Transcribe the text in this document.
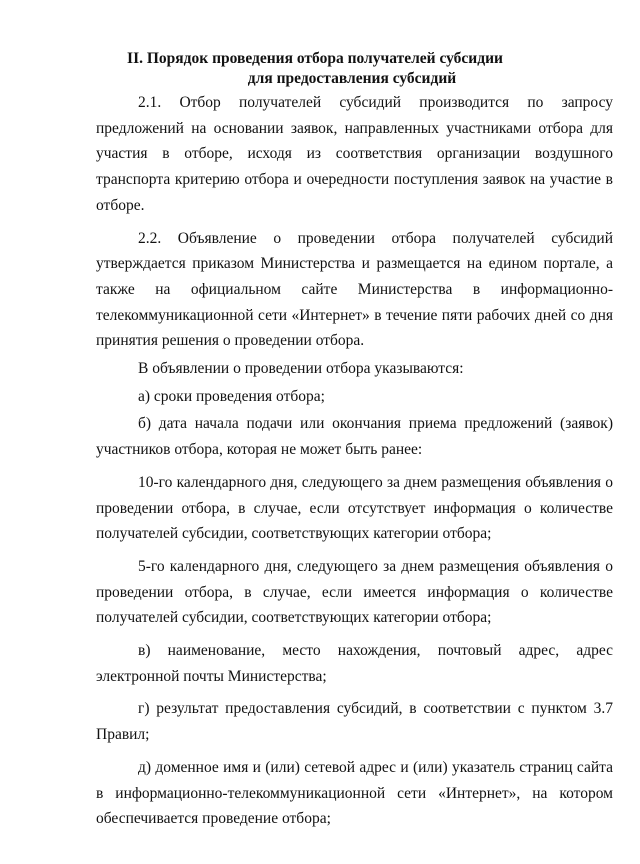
II. Порядок проведения отбора получателей субсидии
для предоставления субсидий

2.1. Отбор получателей субсидий производится по запросу предложений на основании заявок, направленных участниками отбора для участия в отборе, исходя из соответствия организации воздушного транспорта критерию отбора и очередности поступления заявок на участие в отборе.

2.2. Объявление о проведении отбора получателей субсидий утверждается приказом Министерства и размещается на едином портале, а также на официальном сайте Министерства в информационно-телекоммуникационной сети «Интернет» в течение пяти рабочих дней со дня принятия решения о проведении отбора.

В объявлении о проведении отбора указываются:

а) сроки проведения отбора;

б) дата начала подачи или окончания приема предложений (заявок) участников отбора, которая не может быть ранее:

10-го календарного дня, следующего за днем размещения объявления о проведении отбора, в случае, если отсутствует информация о количестве получателей субсидии, соответствующих категории отбора;

5-го календарного дня, следующего за днем размещения объявления о проведении отбора, в случае, если имеется информация о количестве получателей субсидии, соответствующих категории отбора;

в) наименование, место нахождения, почтовый адрес, адрес электронной почты Министерства;

г) результат предоставления субсидий, в соответствии с пунктом 3.7 Правил;

д) доменное имя и (или) сетевой адрес и (или) указатель страниц сайта в информационно-телекоммуникационной сети «Интернет», на котором обеспечивается проведение отбора;
